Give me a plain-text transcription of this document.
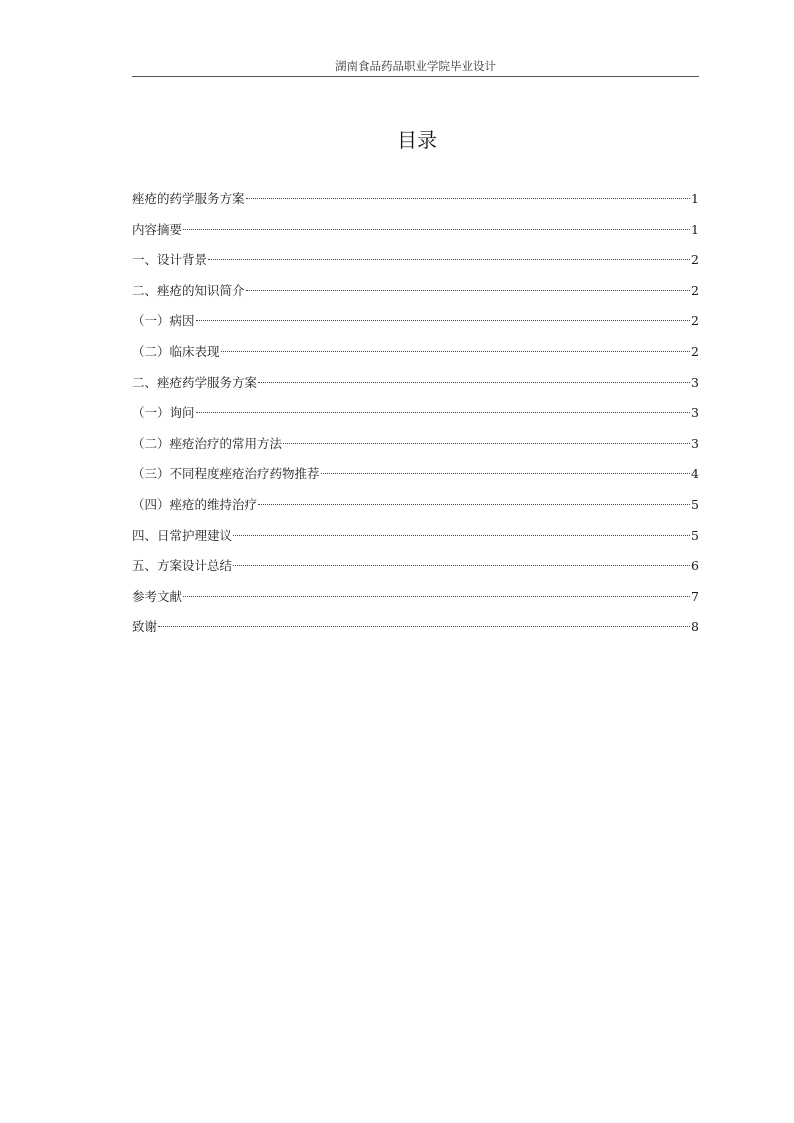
湖南食品药品职业学院毕业设计
目录
痤疮的药学服务方案	1
内容摘要	1
一、设计背景	2
二、痤疮的知识简介	2
（一）病因	2
（二）临床表现	2
二、痤疮药学服务方案	3
（一）询问	3
（二）痤疮治疗的常用方法	3
（三）不同程度痤疮治疗药物推荐	4
（四）痤疮的维持治疗	5
四、日常护理建议	5
五、方案设计总结	6
参考文献	7
致谢	8
